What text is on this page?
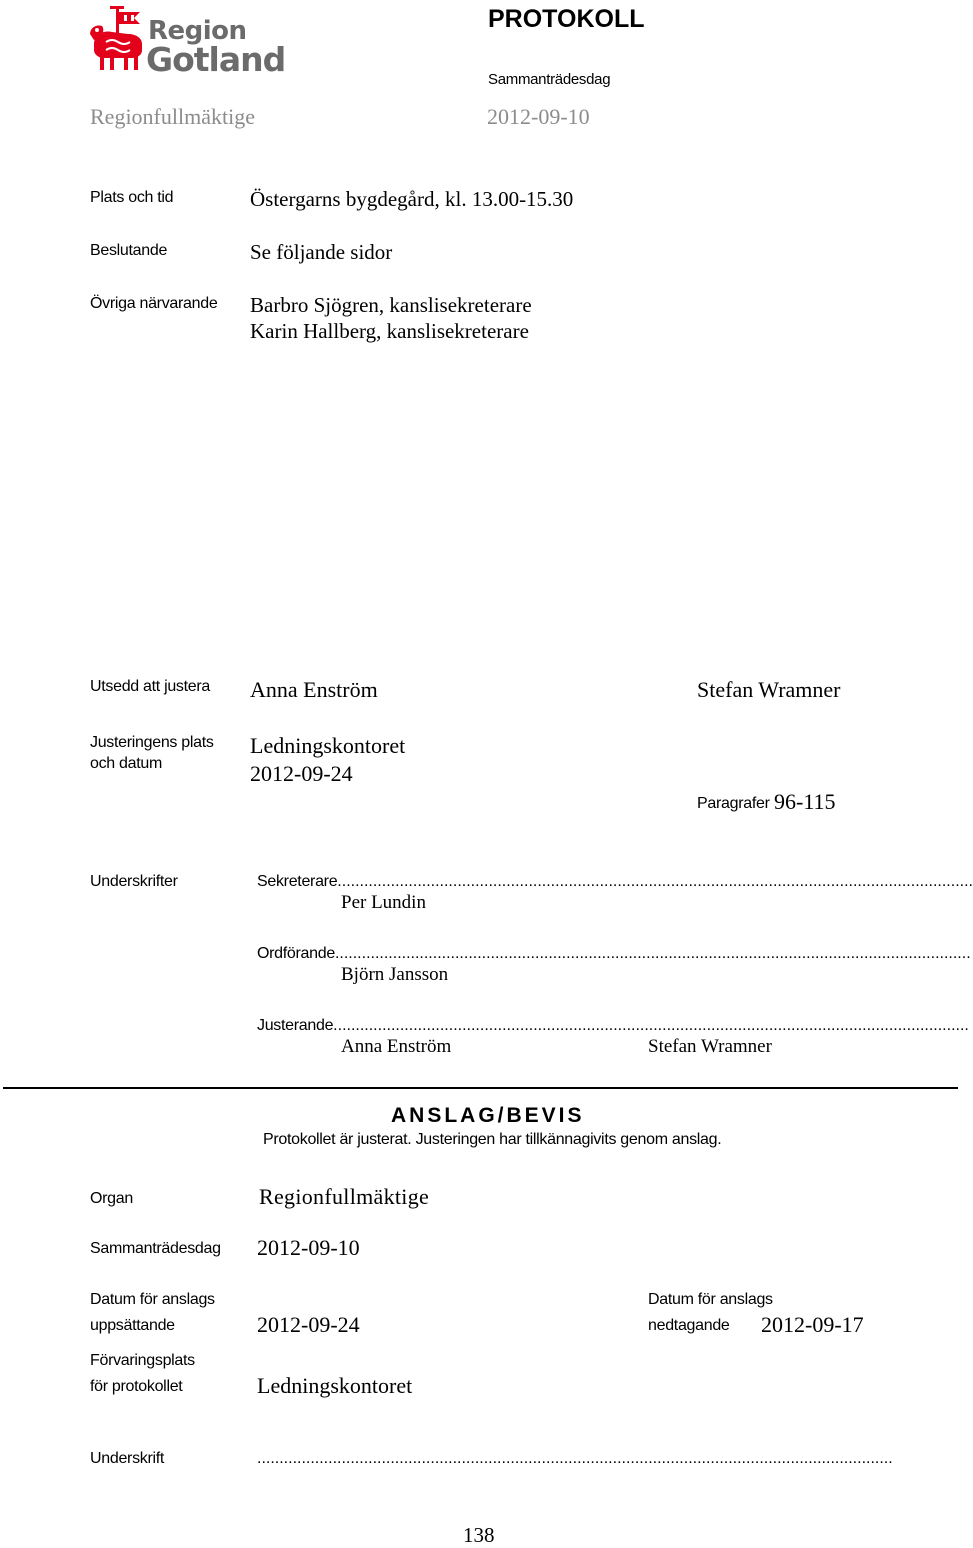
Region
Gotland
PROTOKOLL
Sammanträdesdag
Regionfullmäktige	2012-09-10
Plats och tid	Östergarns bygdegård, kl. 13.00-15.30
Beslutande	Se följande sidor
Övriga närvarande Barbro Sjögren, kanslisekreterare
Karin Hallberg, kanslisekreterare
Utsedd att justera Anna Enström	Stefan Wramner
Justeringens plats
och datum
Ledningskontoret
2012-09-24
Paragrafer 96-115
Underskrifter	Sekreterare ...............................................................................................................................................
Per Lundin
Ordförande ...............................................................................................................................................
Björn Jansson
Justerande ...............................................................................................................................................
Anna Enström	Stefan Wramner
ANSLAG/BEVIS
Protokollet är justerat. Justeringen har tillkännagivits genom anslag.
Organ	Regionfullmäktige
Sammanträdesdag 2012-09-10
Datum för anslags
uppsättande	2012-09-24
Datum för anslags
nedtagande 2012-09-17
Förvaringsplats
för protokollet	Ledningskontoret
Underskrift	...............................................................................................................................................
138
